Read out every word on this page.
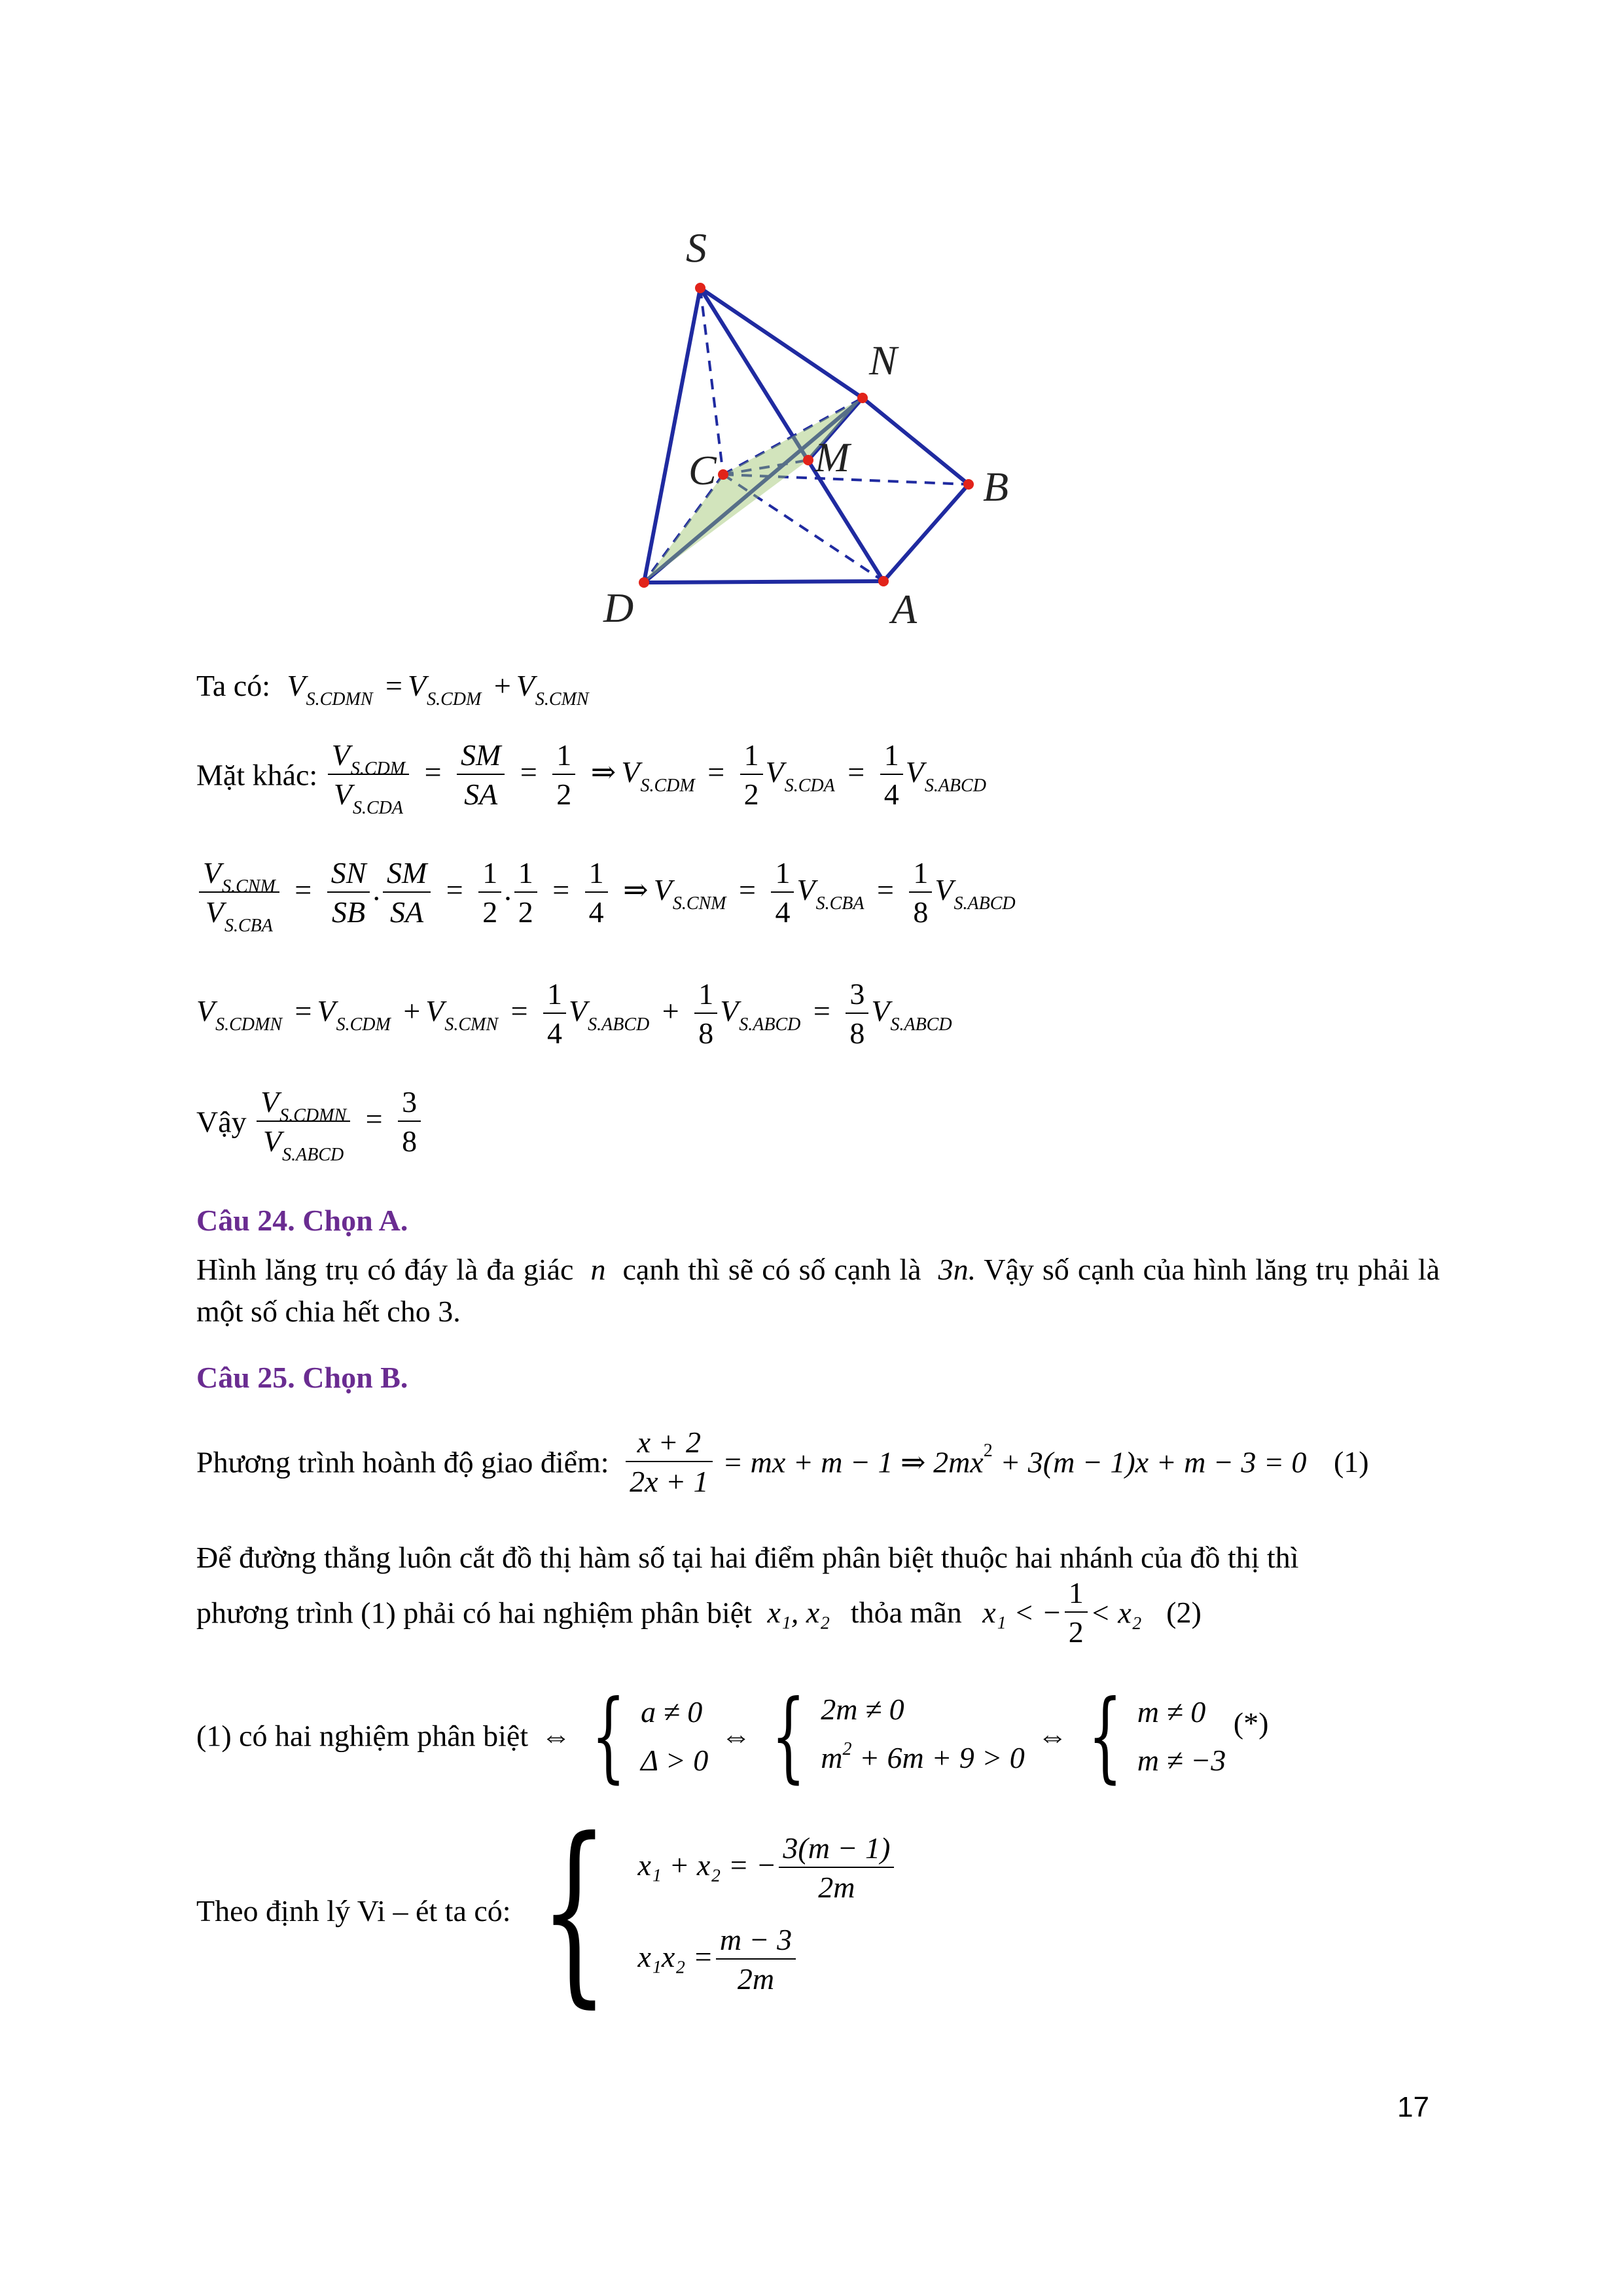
S
N
C M
B
D	A
Ta có: $V_{S.CDMN} = V_{S.CDM} + V_{S.CMN}$
Mặt khác: $\frac{V_{S.CDM}}{V_{S.CDA}} = \frac{SM}{SA} = \frac{1}{2}$ ⇒ $V_{S.CDM} = \frac{1}{2} V_{S.CDA} = \frac{1}{4} V_{S.ABCD}$
$\frac{V_{S.CNM}}{V_{S.CBA}} = \frac{SN}{SB}$ . $\frac{SM}{SA} = \frac{1}{2}$ . $\frac{1}{2} = \frac{1}{4}$ ⇒ $V_{S.CNM} = \frac{1}{4} V_{S.CBA} = \frac{1}{8} V_{S.ABCD}$
$V_{S.CDMN} = V_{S.CDM} + V_{S.CMN} = \frac{1}{4} V_{S.ABCD} + \frac{1}{8} V_{S.ABCD} = \frac{3}{8} V_{S.ABCD}$
Vậy $\frac{V_{S.CDMN}}{V_{S.ABCD}} = \frac{3}{8}$
Câu 24. Chọn A.
Hình lăng trụ có đáy là đa giác n cạnh thì sẽ có số cạnh là 3n. Vậy số cạnh của hình lăng trụ phải là một số chia hết cho 3.
Câu 25. Chọn B.
Phương trình hoành độ giao điểm: $\frac{x + 2}{2x + 1}$ = mx + m − 1 ⇒ $2mx^2 + 3(m - 1)x + m - 3 = 0$ (1)
Để đường thẳng luôn cắt đồ thị hàm số tại hai điểm phân biệt thuộc hai nhánh của đồ thị thì
phương trình (1) phải có hai nghiệm phân biệt x₁, x₂ thỏa mãn x₁ < − $\frac{1}{2} < x_2$ (2)
(1) có hai nghiệm phân biệt ⇔ { a ≠ 0
Δ > 0
⇔ { 2m ≠ 0
$m^2 + 6m + 9 > 0$
⇔ { m ≠ 0
m ≠ −3
(*)
Theo định lý Vi – ét ta có: { x₁ + x₂ = − $\frac{3(m - 1)}{2m}$
$x_1x_2 = \frac{m - 3}{2m}$
17
